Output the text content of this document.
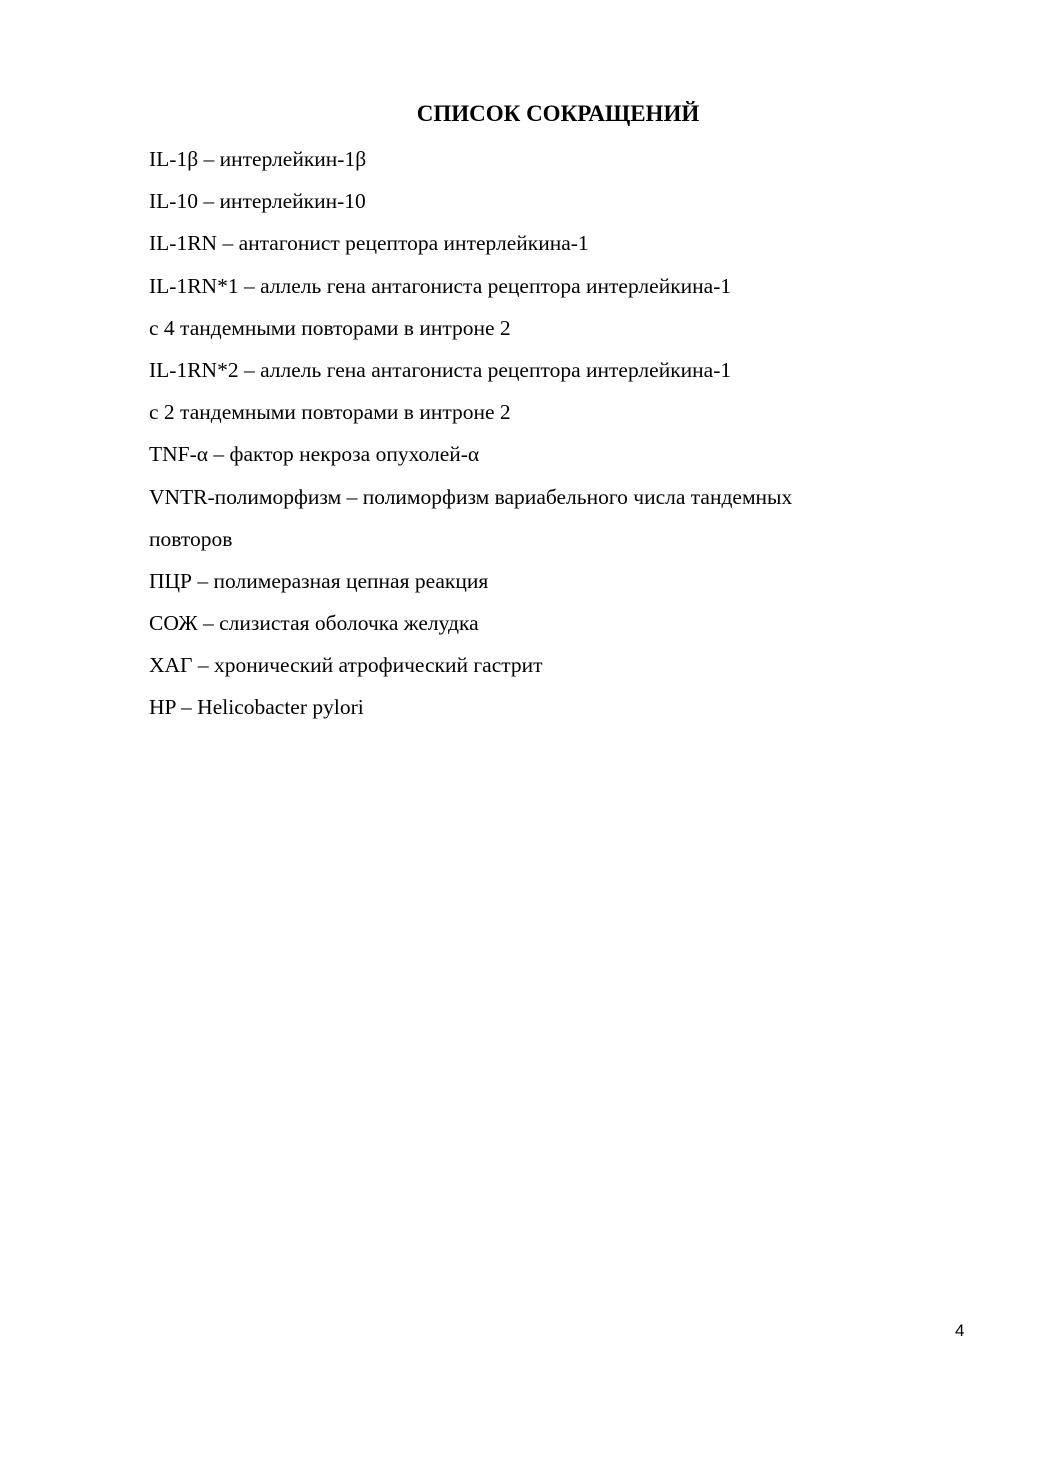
СПИСОК СОКРАЩЕНИЙ
IL-1β – интерлейкин-1β
IL-10 – интерлейкин-10
IL-1RN – антагонист рецептора интерлейкина-1
IL-1RN*1 – аллель гена антагониста рецептора интерлейкина-1
с 4 тандемными повторами в интроне 2
IL-1RN*2 – аллель гена антагониста рецептора интерлейкина-1
с 2 тандемными повторами в интроне 2
TNF-α – фактор некроза опухолей-α
VNTR-полиморфизм – полиморфизм вариабельного числа тандемных
повторов
ПЦР – полимеразная цепная реакция
СОЖ – слизистая оболочка желудка
ХАГ – хронический атрофический гастрит
HP – Helicobacter pylori
4
